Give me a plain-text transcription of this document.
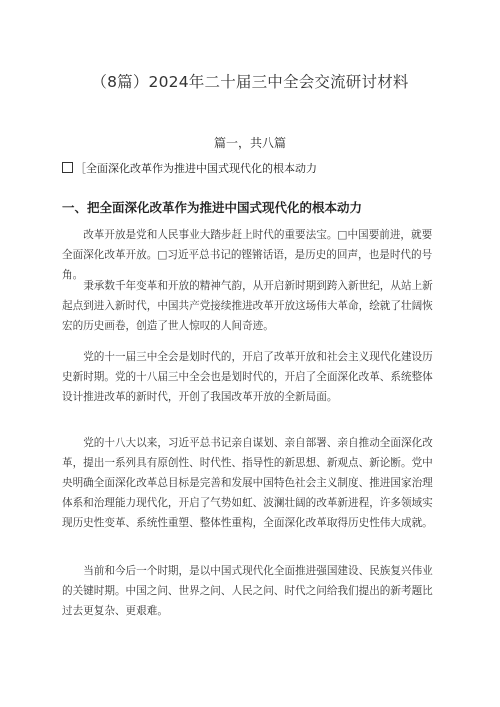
（8篇）2024年二十届三中全会交流研讨材料
篇一，共八篇
［全面深化改革作为推进中国式现代化的根本动力
一、把全面深化改革作为推进中国式现代化的根本动力

改革开放是党和人民事业大踏步赶上时代的重要法宝。□中国要前进，就要全面深化改革开放。□习近平总书记的铿锵话语，是历史的回声，也是时代的号角。

秉承数千年变革和开放的精神气韵，从开启新时期到跨入新世纪，从站上新起点到进入新时代，中国共产党接续推进改革开放这场伟大革命，绘就了壮阔恢宏的历史画卷，创造了世人惊叹的人间奇迹。

党的十一届三中全会是划时代的，开启了改革开放和社会主义现代化建设历史新时期。党的十八届三中全会也是划时代的，开启了全面深化改革、系统整体设计推进改革的新时代，开创了我国改革开放的全新局面。

党的十八大以来，习近平总书记亲自谋划、亲自部署、亲自推动全面深化改革，提出一系列具有原创性、时代性、指导性的新思想、新观点、新论断。党中央明确全面深化改革总目标是完善和发展中国特色社会主义制度、推进国家治理体系和治理能力现代化，开启了气势如虹、波澜壮阔的改革新进程，许多领域实现历史性变革、系统性重塑、整体性重构，全面深化改革取得历史性伟大成就。

当前和今后一个时期，是以中国式现代化全面推进强国建设、民族复兴伟业的关键时期。中国之问、世界之问、人民之问、时代之问给我们提出的新考题比过去更复杂、更艰难。
